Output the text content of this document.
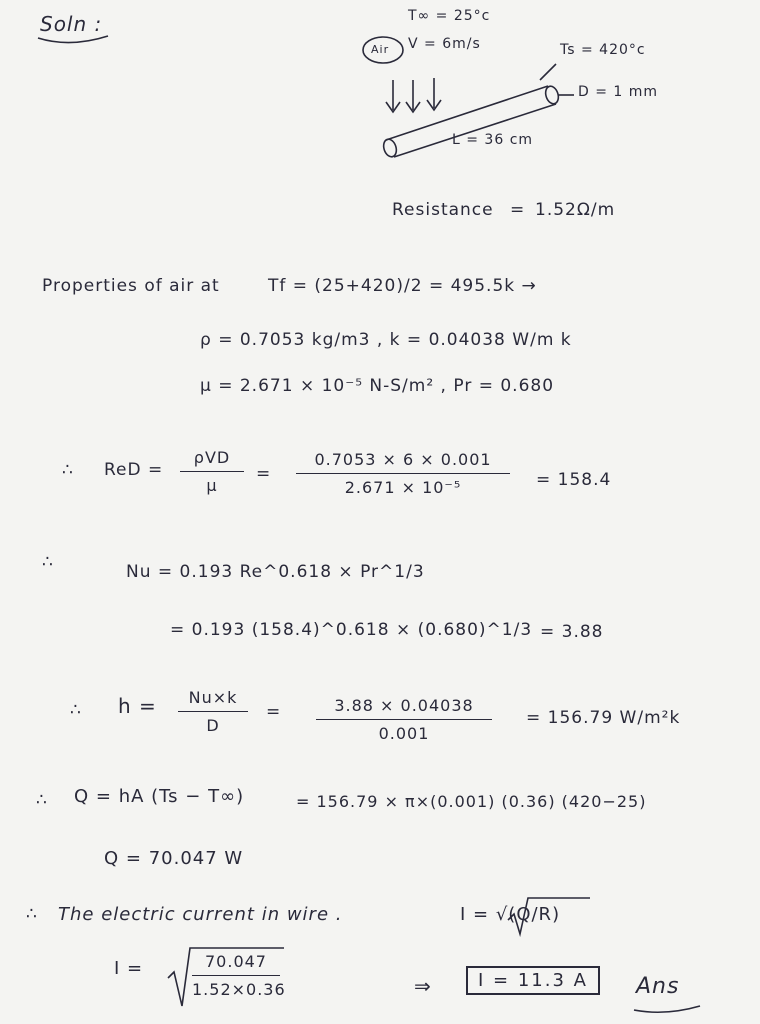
Soln :
Air
T∞ = 25°c
V = 6m/s	Ts = 420°c
D = 1 mm
L = 36 cm
Resistance = 1.52Ω/m
Properties of air at	Tf = (25+420)/2 = 495.5k →
ρ = 0.7053 kg/m3 , k = 0.04038 W/m k
μ = 2.671 × 10⁻⁵ N-S/m² , Pr = 0.680
∴ ReD =
ρVD
μ
=
0.7053 × 6 × 0.001
2.671 × 10⁻⁵	= 158.4
∴	Nu = 0.193 Re^0.618 × Pr^1/3
= 0.193 (158.4)^0.618 × (0.680)^1/3 = 3.88
∴ h =	Nu×k
D
=	3.88 × 0.04038
0.001
= 156.79 W/m²k
∴ Q = hA (Ts − T∞)	= 156.79 × π×(0.001) (0.36) (420−25)
Q = 70.047 W
∴ The electric current in wire .	I = √(Q/R)
I =	70.047
1.52×0.36	⇒	I = 11.3 A	Ans
